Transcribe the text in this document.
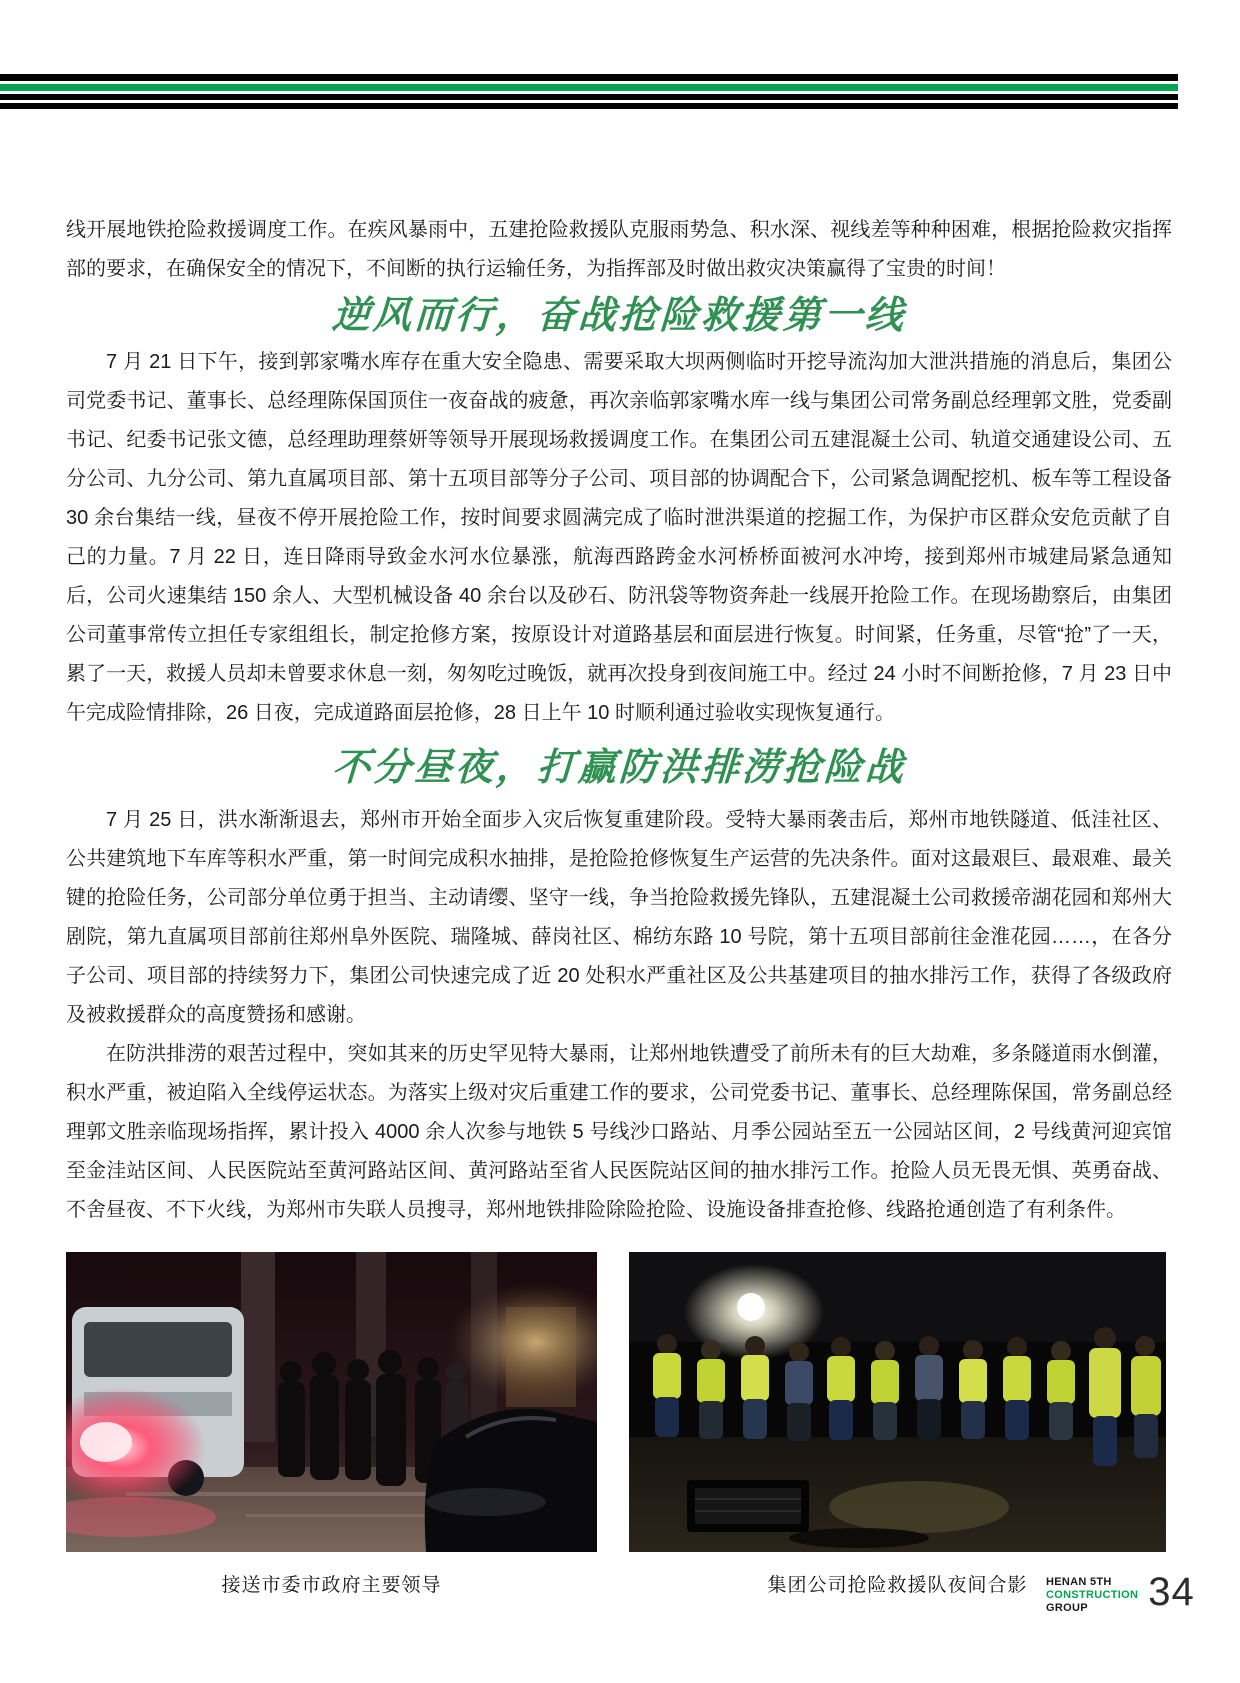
线开展地铁抢险救援调度工作。在疾风暴雨中，五建抢险救援队克服雨势急、积水深、视线差等种种困难，根据抢险救灾指挥部的要求，在确保安全的情况下，不间断的执行运输任务，为指挥部及时做出救灾决策赢得了宝贵的时间！

逆风而行，奋战抢险救援第一线

7 月 21 日下午，接到郭家嘴水库存在重大安全隐患、需要采取大坝两侧临时开挖导流沟加大泄洪措施的消息后，集团公司党委书记、董事长、总经理陈保国顶住一夜奋战的疲惫，再次亲临郭家嘴水库一线与集团公司常务副总经理郭文胜，党委副书记、纪委书记张文德，总经理助理蔡妍等领导开展现场救援调度工作。在集团公司五建混凝土公司、轨道交通建设公司、五分公司、九分公司、第九直属项目部、第十五项目部等分子公司、项目部的协调配合下，公司紧急调配挖机、板车等工程设备 30 余台集结一线，昼夜不停开展抢险工作，按时间要求圆满完成了临时泄洪渠道的挖掘工作，为保护市区群众安危贡献了自己的力量。7 月 22 日，连日降雨导致金水河水位暴涨，航海西路跨金水河桥桥面被河水冲垮，接到郑州市城建局紧急通知后，公司火速集结 150 余人、大型机械设备 40 余台以及砂石、防汛袋等物资奔赴一线展开抢险工作。在现场勘察后，由集团公司董事常传立担任专家组组长，制定抢修方案，按原设计对道路基层和面层进行恢复。时间紧，任务重，尽管“抢”了一天，累了一天，救援人员却未曾要求休息一刻，匆匆吃过晚饭，就再次投身到夜间施工中。经过 24 小时不间断抢修，7 月 23 日中午完成险情排除，26 日夜，完成道路面层抢修，28 日上午 10 时顺利通过验收实现恢复通行。

不分昼夜，打赢防洪排涝抢险战

7 月 25 日，洪水渐渐退去，郑州市开始全面步入灾后恢复重建阶段。受特大暴雨袭击后，郑州市地铁隧道、低洼社区、公共建筑地下车库等积水严重，第一时间完成积水抽排，是抢险抢修恢复生产运营的先决条件。面对这最艰巨、最艰难、最关键的抢险任务，公司部分单位勇于担当、主动请缨、坚守一线，争当抢险救援先锋队，五建混凝土公司救援帝湖花园和郑州大剧院，第九直属项目部前往郑州阜外医院、瑞隆城、薛岗社区、棉纺东路 10 号院，第十五项目部前往金淮花园……，在各分子公司、项目部的持续努力下，集团公司快速完成了近 20 处积水严重社区及公共基建项目的抽水排污工作，获得了各级政府及被救援群众的高度赞扬和感谢。

在防洪排涝的艰苦过程中，突如其来的历史罕见特大暴雨，让郑州地铁遭受了前所未有的巨大劫难，多条隧道雨水倒灌，积水严重，被迫陷入全线停运状态。为落实上级对灾后重建工作的要求，公司党委书记、董事长、总经理陈保国，常务副总经理郭文胜亲临现场指挥，累计投入 4000 余人次参与地铁 5 号线沙口路站、月季公园站至五一公园站区间，2 号线黄河迎宾馆至金洼站区间、人民医院站至黄河路站区间、黄河路站至省人民医院站区间的抽水排污工作。抢险人员无畏无惧、英勇奋战、不舍昼夜、不下火线，为郑州市失联人员搜寻，郑州地铁排险除险抢险、设施设备排查抢修、线路抢通创造了有利条件。

接送市委市政府主要领导	集团公司抢险救援队夜间合影	HENAN 5TH
CONSTRUCTION
GROUP	34
